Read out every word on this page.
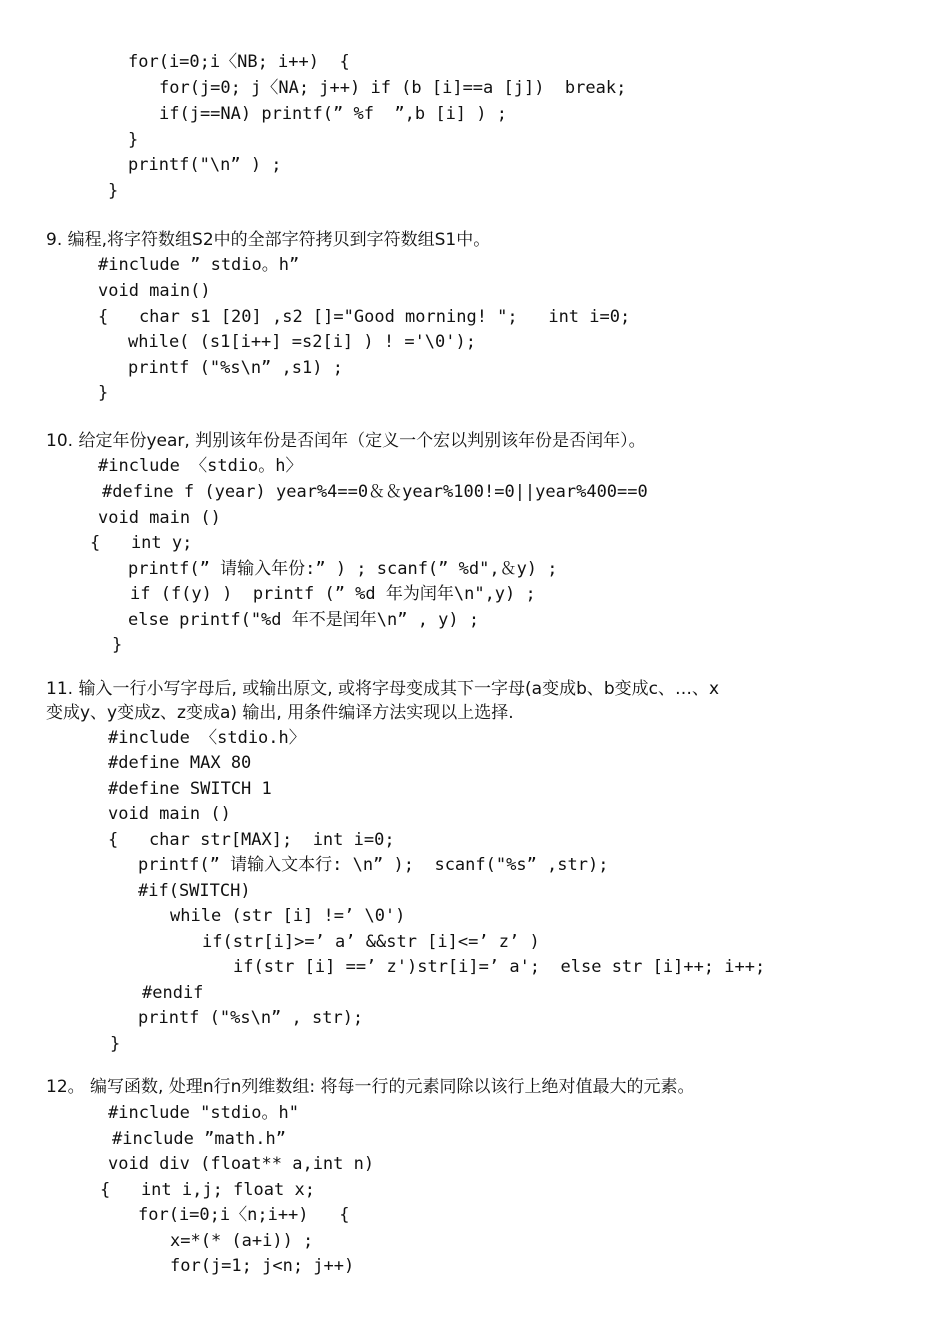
for(i=0;i〈NB; i++)  {
for(j=0; j〈NA; j++) if (b [i]==a [j])  break;
if(j==NA) printf(” %f  ”,b [i] ) ;
}
printf("\n” ) ;
}
9. 编程,将字符数组S2中的全部字符拷贝到字符数组S1中。
#include ” stdio。h”
void main()
{   char s1 [20] ,s2 []="Good morning! ";   int i=0;
while( (s1[i++] =s2[i] ) ! ='\0');
printf ("%s\n” ,s1) ;
}
10. 给定年份year, 判别该年份是否闰年（定义一个宏以判别该年份是否闰年）。
#include 〈stdio。h〉
#define f (year) year%4==0＆＆year%100!=0||year%400==0
void main ()
{   int y;
printf(” 请输入年份:” ) ; scanf(” %d",＆y) ;
if (f(y) )  printf (” %d 年为闰年\n",y) ;
else printf("%d 年不是闰年\n” , y) ;
}
11. 输入一行小写字母后, 或输出原文, 或将字母变成其下一字母(a变成b、b变成c、…、x
变成y、y变成z、z变成a) 输出, 用条件编译方法实现以上选择.
#include 〈stdio.h〉
#define MAX 80
#define SWITCH 1
void main ()
{   char str[MAX];  int i=0;
printf(” 请输入文本行: \n” );  scanf("%s” ,str);
#if(SWITCH)
while (str [i] !=’ \0')
if(str[i]>=’ a’ &&str [i]<=’ z’ )
if(str [i] ==’ z')str[i]=’ a';  else str [i]++; i++;
#endif
printf ("%s\n” , str);
}
12。 编写函数, 处理n行n列维数组: 将每一行的元素同除以该行上绝对值最大的元素。
#include "stdio。h"
#include ”math.h”
void div (float** a,int n)
{   int i,j; float x;
for(i=0;i〈n;i++)   {
x=*(* (a+i)) ;
for(j=1; j<n; j++)
